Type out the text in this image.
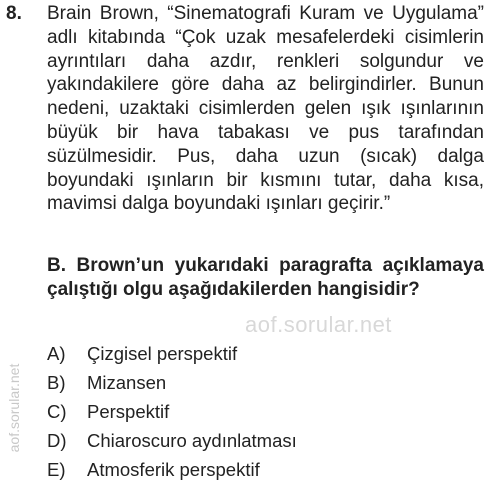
8. Brain Brown, “Sinematografi Kuram ve Uygulama” adlı kitabında “Çok uzak mesafelerdeki cisimlerin ayrıntıları daha azdır, renkleri solgundur ve yakındakilere göre daha az belirgindirler. Bunun nedeni, uzaktaki cisimlerden gelen ışık ışınlarının büyük bir hava tabakası ve pus tarafından süzülmesidir. Pus, daha uzun (sıcak) dalga boyundaki ışınların bir kısmını tutar, daha kısa, mavimsi dalga boyundaki ışınları geçirir.”
B. Brown’un yukarıdaki paragrafta açıklamaya çalıştığı olgu aşağıdakilerden hangisidir?
A) Çizgisel perspektif
B) Mizansen
C) Perspektif
D) Chiaroscuro aydınlatması
E) Atmosferik perspektif
aof.sorular.net
aof.sorular.net
